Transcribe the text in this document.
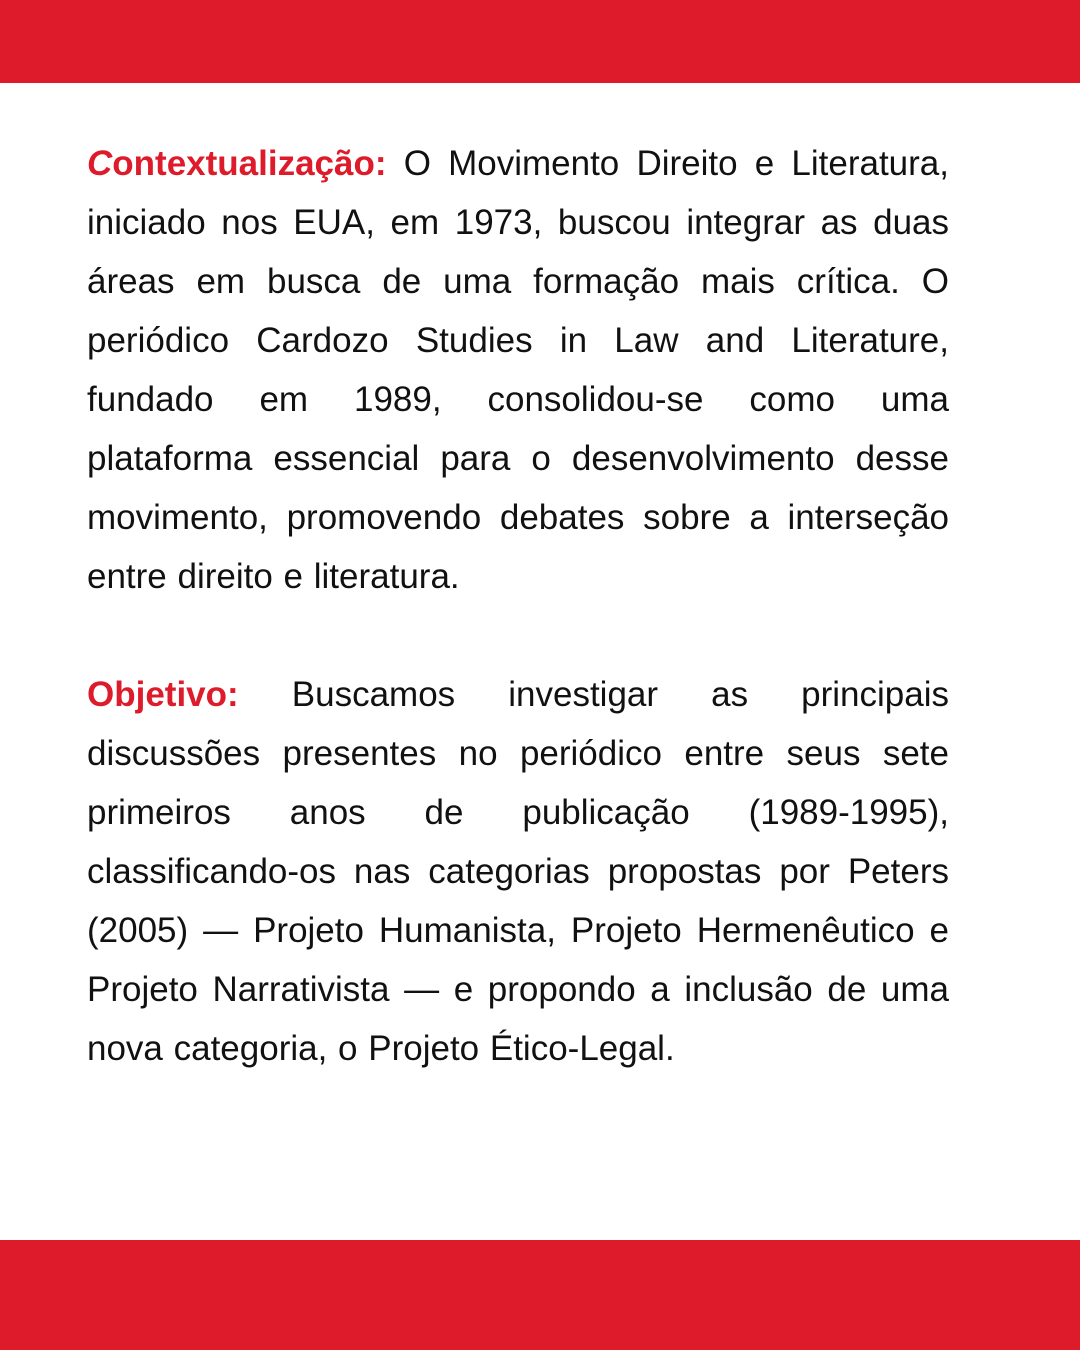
Contextualização: O Movimento Direito e Literatura, iniciado nos EUA, em 1973, buscou integrar as duas áreas em busca de uma formação mais crítica. O periódico Cardozo Studies in Law and Literature, fundado em 1989, consolidou-se como uma plataforma essencial para o desenvolvimento desse movimento, promovendo debates sobre a interseção entre direito e literatura.

Objetivo: Buscamos investigar as principais discussões presentes no periódico entre seus sete primeiros anos de publicação (1989-1995), classificando-os nas categorias propostas por Peters (2005) — Projeto Humanista, Projeto Hermenêutico e Projeto Narrativista — e propondo a inclusão de uma nova categoria, o Projeto Ético-Legal.
